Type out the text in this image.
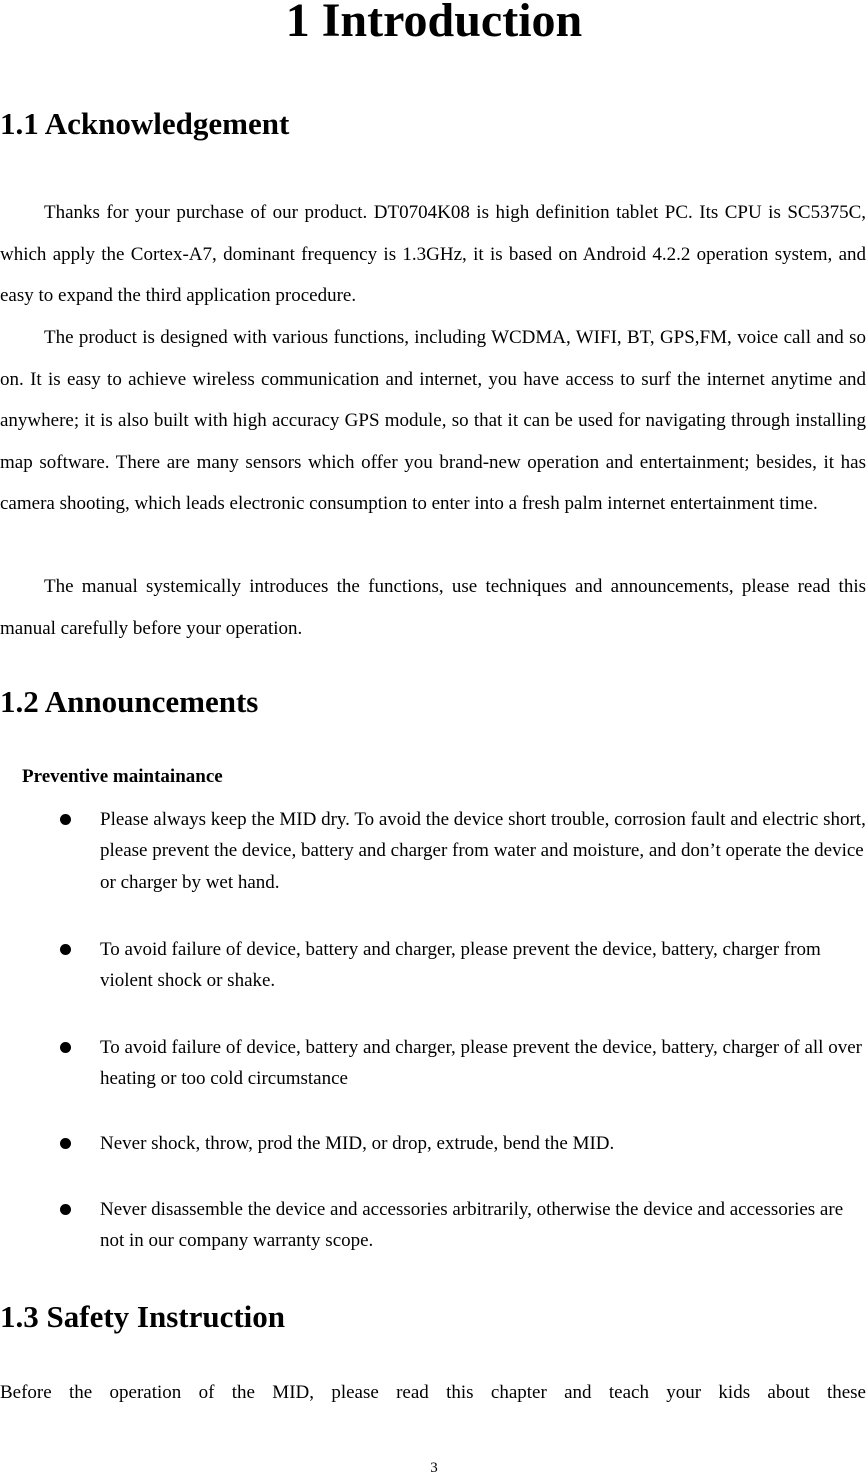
1 Introduction
1.1 Acknowledgement

Thanks for your purchase of our product. DT0704K08 is high definition tablet PC. Its CPU is SC5375C, which apply the Cortex-A7, dominant frequency is 1.3GHz, it is based on Android 4.2.2 operation system, and easy to expand the third application procedure.

The product is designed with various functions, including WCDMA, WIFI, BT, GPS,FM, voice call and so on. It is easy to achieve wireless communication and internet, you have access to surf the internet anytime and anywhere; it is also built with high accuracy GPS module, so that it can be used for navigating through installing map software. There are many sensors which offer you brand-new operation and entertainment; besides, it has camera shooting, which leads electronic consumption to enter into a fresh palm internet entertainment time.

The manual systemically introduces the functions, use techniques and announcements, please read this manual carefully before your operation.

1.2 Announcements

Preventive maintainance

Please always keep the MID dry. To avoid the device short trouble, corrosion fault and electric short, please prevent the device, battery and charger from water and moisture, and don’t operate the device or charger by wet hand.

To avoid failure of device, battery and charger, please prevent the device, battery, charger from violent shock or shake.

To avoid failure of device, battery and charger, please prevent the device, battery, charger of all over heating or too cold circumstance

Never shock, throw, prod the MID, or drop, extrude, bend the MID.

Never disassemble the device and accessories arbitrarily, otherwise the device and accessories are not in our company warranty scope.

1.3 Safety Instruction

Before the operation of the MID, please read this chapter and teach your kids about these

3
